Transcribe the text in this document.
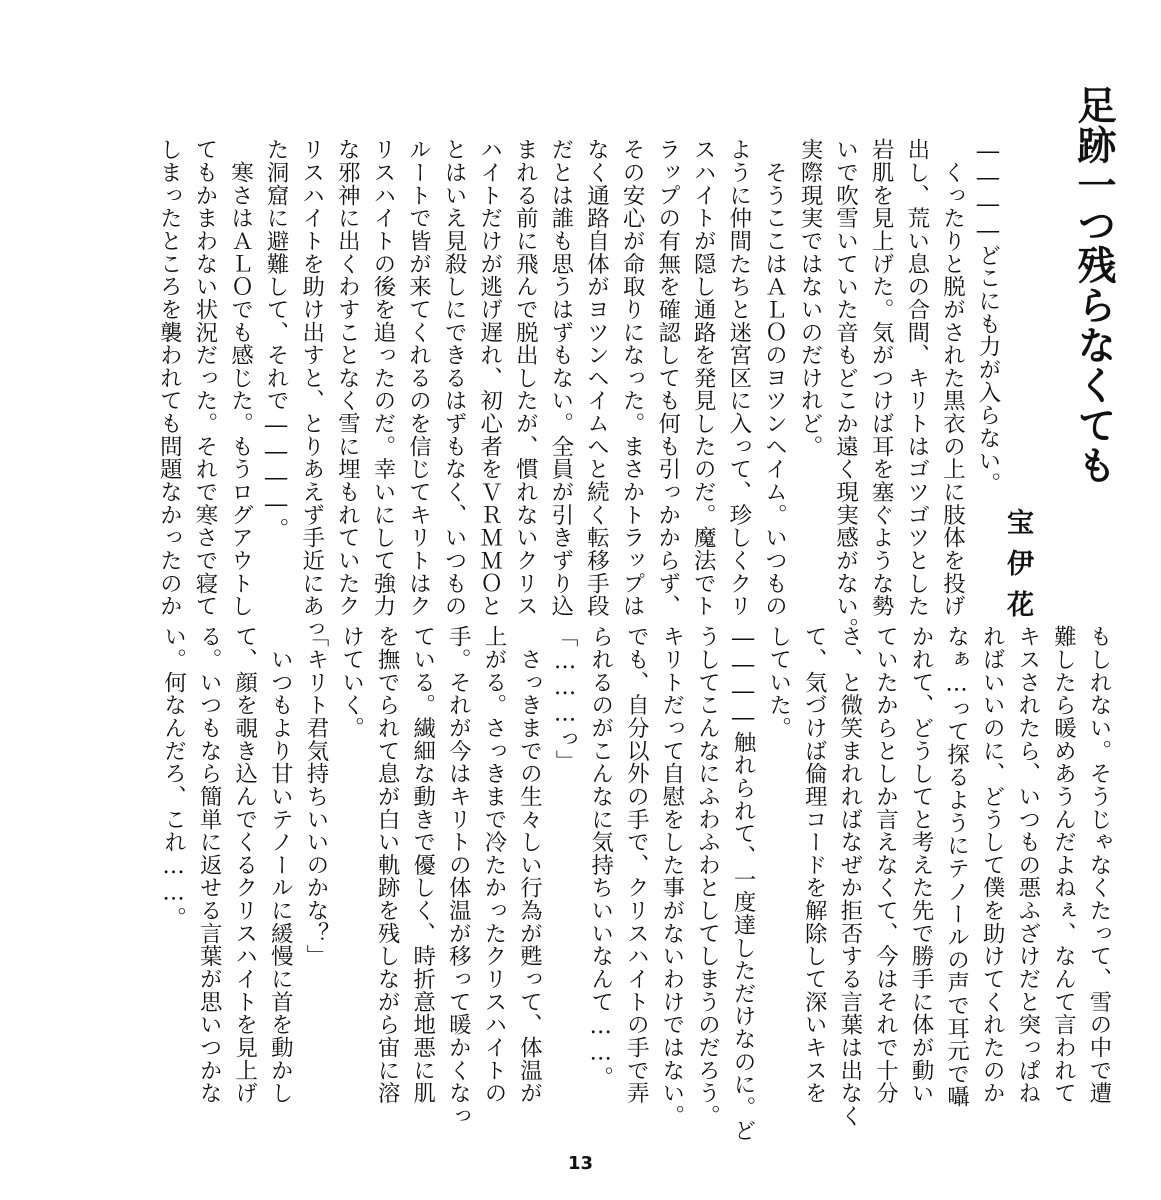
足跡一つ残らなくても
宝伊花
――――どこにも力が入らない。
　くったりと脱がされた黒衣の上に肢体を投げ
出し、荒い息の合間、キリトはゴツゴツとした
岩肌を見上げた。気がつけば耳を塞ぐような勢
いで吹雪いていた音もどこか遠く現実感がない。
実際現実ではないのだけれど。
　そうここはＡＬＯのヨツンヘイム。いつもの
ように仲間たちと迷宮区に入って、珍しくクリ
スハイトが隠し通路を発見したのだ。魔法でト
ラップの有無を確認しても何も引っかからず、
その安心が命取りになった。まさかトラップは
なく通路自体がヨツンヘイムへと続く転移手段
だとは誰も思うはずもない。全員が引きずり込
まれる前に飛んで脱出したが、慣れないクリス
ハイトだけが逃げ遅れ、初心者をＶＲＭＭＯと
とはいえ見殺しにできるはずもなく、いつもの
ルートで皆が来てくれるのを信じてキリトはク
リスハイトの後を追ったのだ。幸いにして強力
な邪神に出くわすことなく雪に埋もれていたク
リスハイトを助け出すと、とりあえず手近にあっ
た洞窟に避難して、それで――――。
　寒さはＡＬＯでも感じた。もうログアウトし
てもかまわない状況だった。それで寒さで寝て
しまったところを襲われても問題なかったのか
もしれない。そうじゃなくたって、雪の中で遭
難したら暖めあうんだよねぇ、なんて言われて
キスされたら、いつもの悪ふざけだと突っぱね
ればいいのに、どうして僕を助けてくれたのか
なぁ…って探るようにテノールの声で耳元で囁
かれて、どうしてと考えた先で勝手に体が動い
ていたからとしか言えなくて、今はそれで十分
さ、と微笑まれればなぜか拒否する言葉は出なく
て、気づけば倫理コードを解除して深いキスを
していた。
――――触れられて、一度達しただけなのに。ど
うしてこんなにふわふわとしてしまうのだろう。
キリトだって自慰をした事がないわけではない。
でも、自分以外の手で、クリスハイトの手で弄
られるのがこんなに気持ちいいなんて……。
「………っ」
　さっきまでの生々しい行為が甦って、体温が
上がる。さっきまで冷たかったクリスハイトの
手。それが今はキリトの体温が移って暖かくなっ
ている。繊細な動きで優しく、時折意地悪に肌
を撫でられて息が白い軌跡を残しながら宙に溶
けていく。
「キリト君気持ちいいのかな？」
　いつもより甘いテノールに緩慢に首を動かし
て、顔を覗き込んでくるクリスハイトを見上げ
る。いつもなら簡単に返せる言葉が思いつかな
い。何なんだろ、これ……。
13
